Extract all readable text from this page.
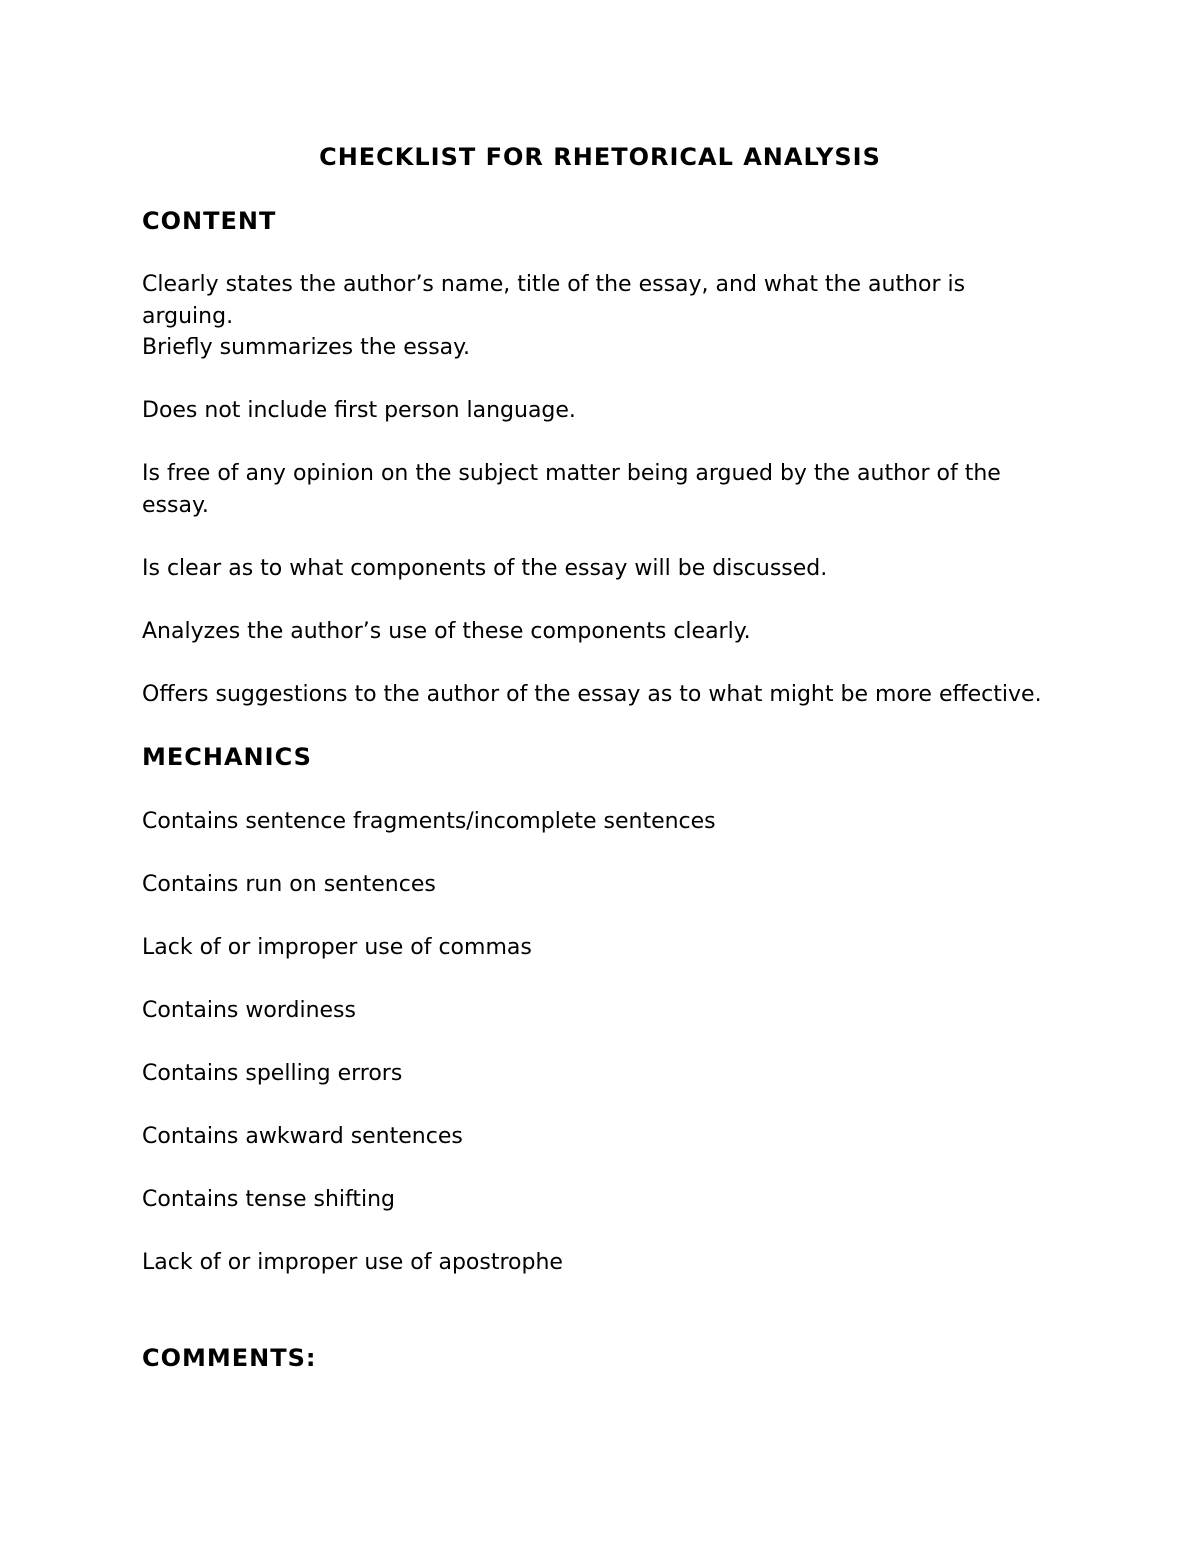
CHECKLIST FOR RHETORICAL ANALYSIS
CONTENT

Clearly states the author’s name, title of the essay, and what the author is arguing.

Briefly summarizes the essay.

Does not include first person language.

Is free of any opinion on the subject matter being argued by the author of the essay.

Is clear as to what components of the essay will be discussed.

Analyzes the author’s use of these components clearly.

Offers suggestions to the author of the essay as to what might be more effective.

MECHANICS

Contains sentence fragments/incomplete sentences

Contains run on sentences

Lack of or improper use of commas

Contains wordiness

Contains spelling errors

Contains awkward sentences

Contains tense shifting

Lack of or improper use of apostrophe

COMMENTS:
